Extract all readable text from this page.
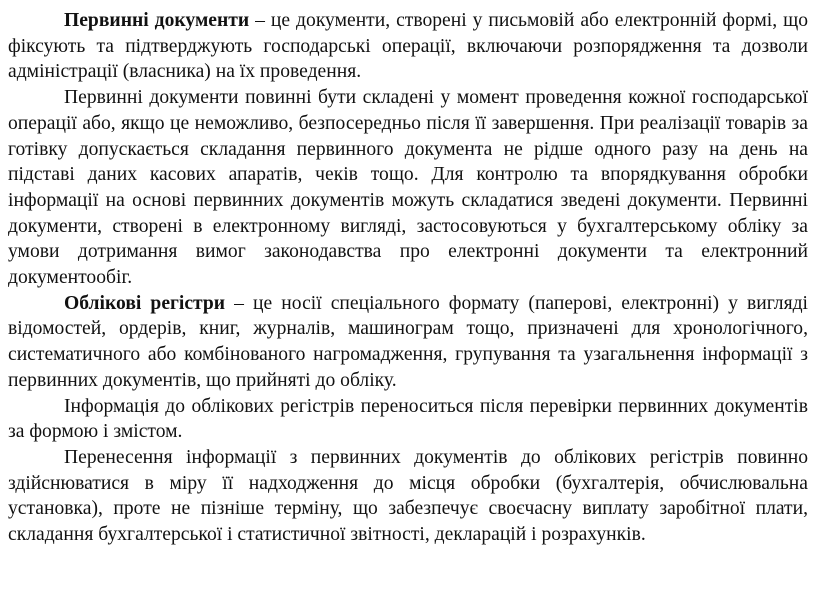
Первинні документи – це документи, створені у письмовій або електронній формі, що фіксують та підтверджують господарські операції, включаючи розпорядження та дозволи адміністрації (власника) на їх проведення.

Первинні документи повинні бути складені у момент проведення кожної господарської операції або, якщо це неможливо, безпосередньо після її завершення. При реалізації товарів за готівку допускається складання первинного документа не рідше одного разу на день на підставі даних касових апаратів, чеків тощо. Для контролю та впорядкування обробки інформації на основі первинних документів можуть складатися зведені документи. Первинні документи, створені в електронному вигляді, застосовуються у бухгалтерському обліку за умови дотримання вимог законодавства про електронні документи та електронний документообіг.

Облікові регістри – це носії спеціального формату (паперові, електронні) у вигляді відомостей, ордерів, книг, журналів, машинограм тощо, призначені для хронологічного, систематичного або комбінованого нагромадження, групування та узагальнення інформації з первинних документів, що прийняті до обліку.

Інформація до облікових регістрів переноситься після перевірки первинних документів за формою і змістом.

Перенесення інформації з первинних документів до облікових регістрів повинно здійснюватися в міру її надходження до місця обробки (бухгалтерія, обчислювальна установка), проте не пізніше терміну, що забезпечує своєчасну виплату заробітної плати, складання бухгалтерської і статистичної звітності, декларацій і розрахунків.
